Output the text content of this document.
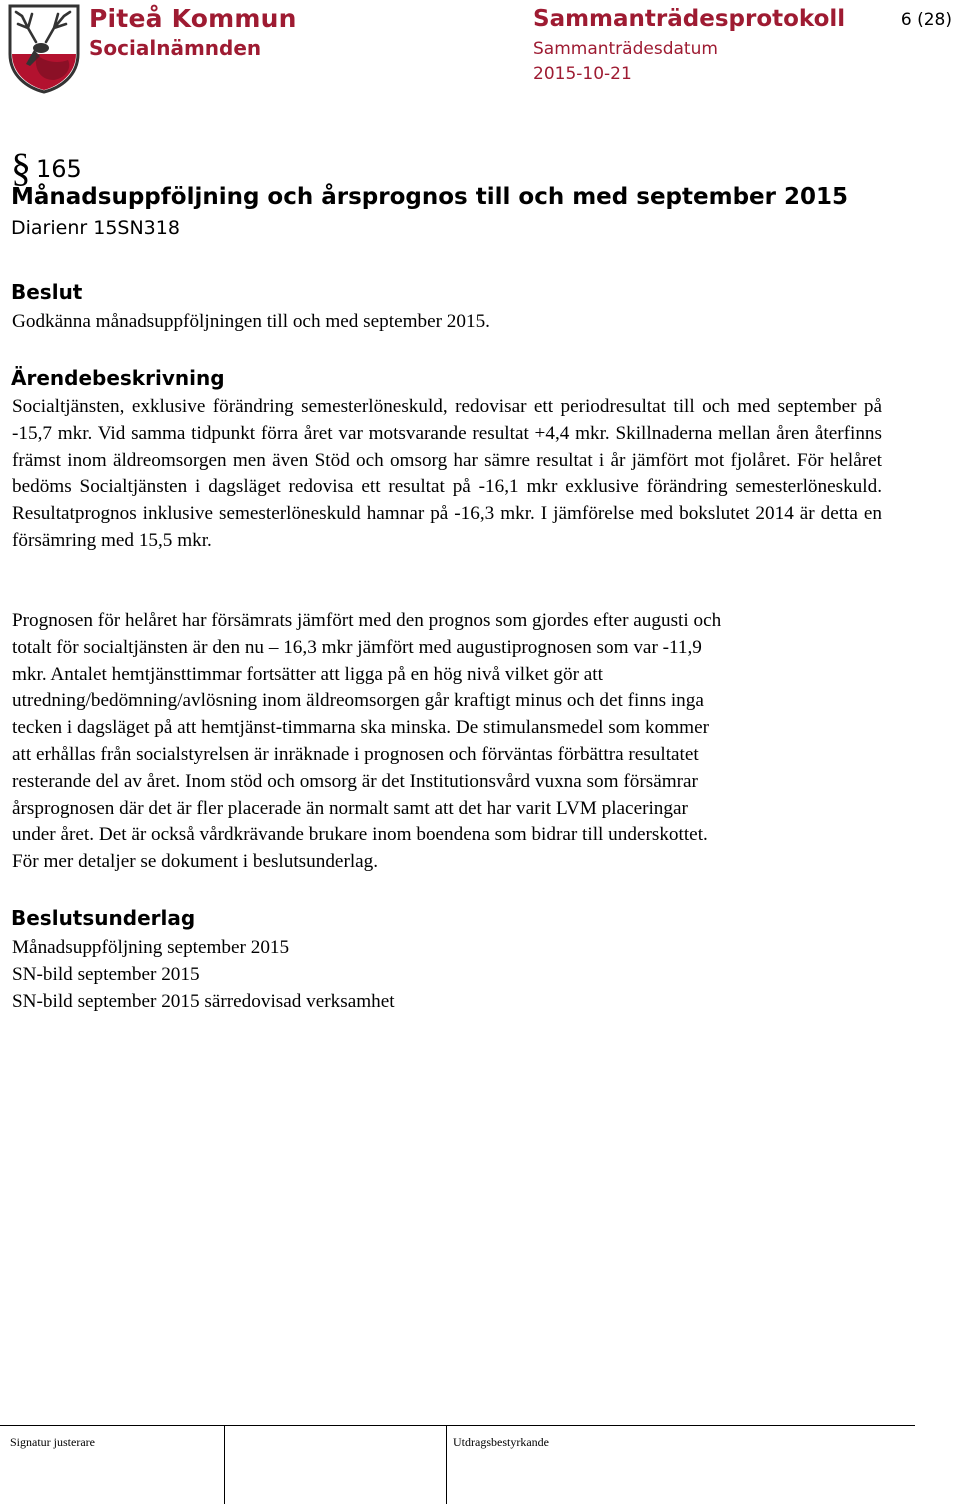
Piteå Kommun
Socialnämnden
Sammanträdesprotokoll
Sammanträdesdatum
2015-10-21
6 (28)
§ 165
Månadsuppföljning och årsprognos till och med september 2015
Diarienr 15SN318
Beslut
Godkänna månadsuppföljningen till och med september 2015.
Ärendebeskrivning
Socialtjänsten, exklusive förändring semesterlöneskuld, redovisar ett periodresultat till och med september på -15,7 mkr. Vid samma tidpunkt förra året var motsvarande resultat +4,4 mkr. Skillnaderna mellan åren återfinns främst inom äldreomsorgen men även Stöd och omsorg har sämre resultat i år jämfört mot fjolåret. För helåret bedöms Socialtjänsten i dagsläget redovisa ett resultat på -16,1 mkr exklusive förändring semesterlöneskuld. Resultatprognos inklusive semesterlöneskuld hamnar på -16,3 mkr. I jämförelse med bokslutet 2014 är detta en försämring med 15,5 mkr.
Prognosen för helåret har försämrats jämfört med den prognos som gjordes efter augusti och
totalt för socialtjänsten är den nu – 16,3 mkr jämfört med augustiprognosen som var -11,9
mkr. Antalet hemtjänsttimmar fortsätter att ligga på en hög nivå vilket gör att
utredning/bedömning/avlösning inom äldreomsorgen går kraftigt minus och det finns inga
tecken i dagsläget på att hemtjänst-timmarna ska minska. De stimulansmedel som kommer
att erhållas från socialstyrelsen är inräknade i prognosen och förväntas förbättra resultatet
resterande del av året. Inom stöd och omsorg är det Institutionsvård vuxna som försämrar
årsprognosen där det är fler placerade än normalt samt att det har varit LVM placeringar
under året. Det är också vårdkrävande brukare inom boendena som bidrar till underskottet.
För mer detaljer se dokument i beslutsunderlag.
Beslutsunderlag
Månadsuppföljning september 2015
SN-bild september 2015
SN-bild september 2015 särredovisad verksamhet
Signatur justerare	Utdragsbestyrkande
